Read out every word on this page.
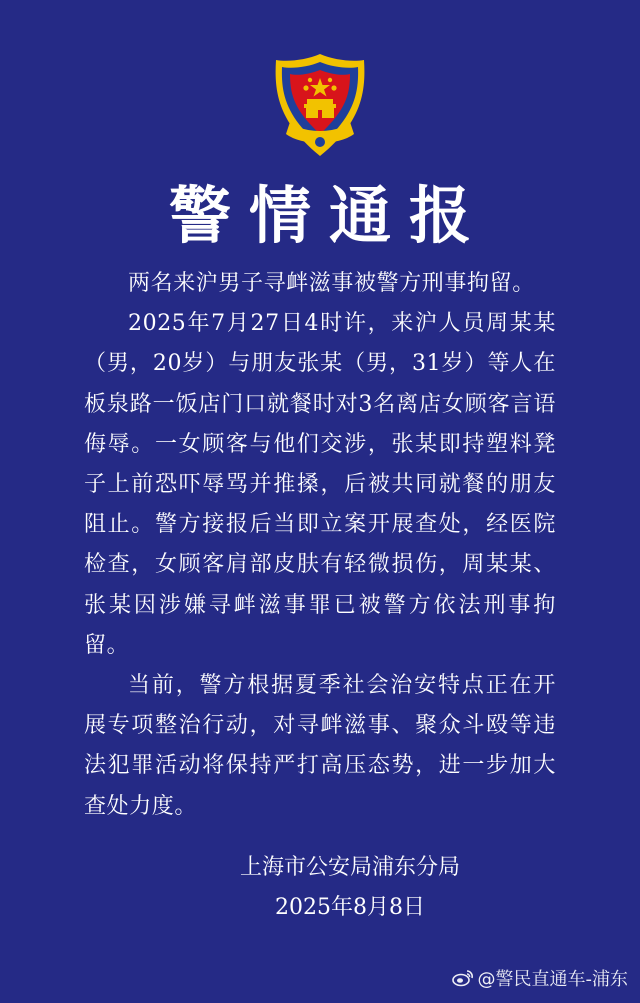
警情通报

两名来沪男子寻衅滋事被警方刑事拘留。

2025年7月27日4时许，来沪人员周某某（男，20岁）与朋友张某（男，31岁）等人在板泉路一饭店门口就餐时对3名离店女顾客言语侮辱。一女顾客与他们交涉，张某即持塑料凳子上前恐吓辱骂并推搡，后被共同就餐的朋友阻止。警方接报后当即立案开展查处，经医院检查，女顾客肩部皮肤有轻微损伤，周某某、张某因涉嫌寻衅滋事罪已被警方依法刑事拘留。

当前，警方根据夏季社会治安特点正在开展专项整治行动，对寻衅滋事、聚众斗殴等违法犯罪活动将保持严打高压态势，进一步加大查处力度。

上海市公安局浦东分局
2025年8月8日
@警民直通车-浦东
